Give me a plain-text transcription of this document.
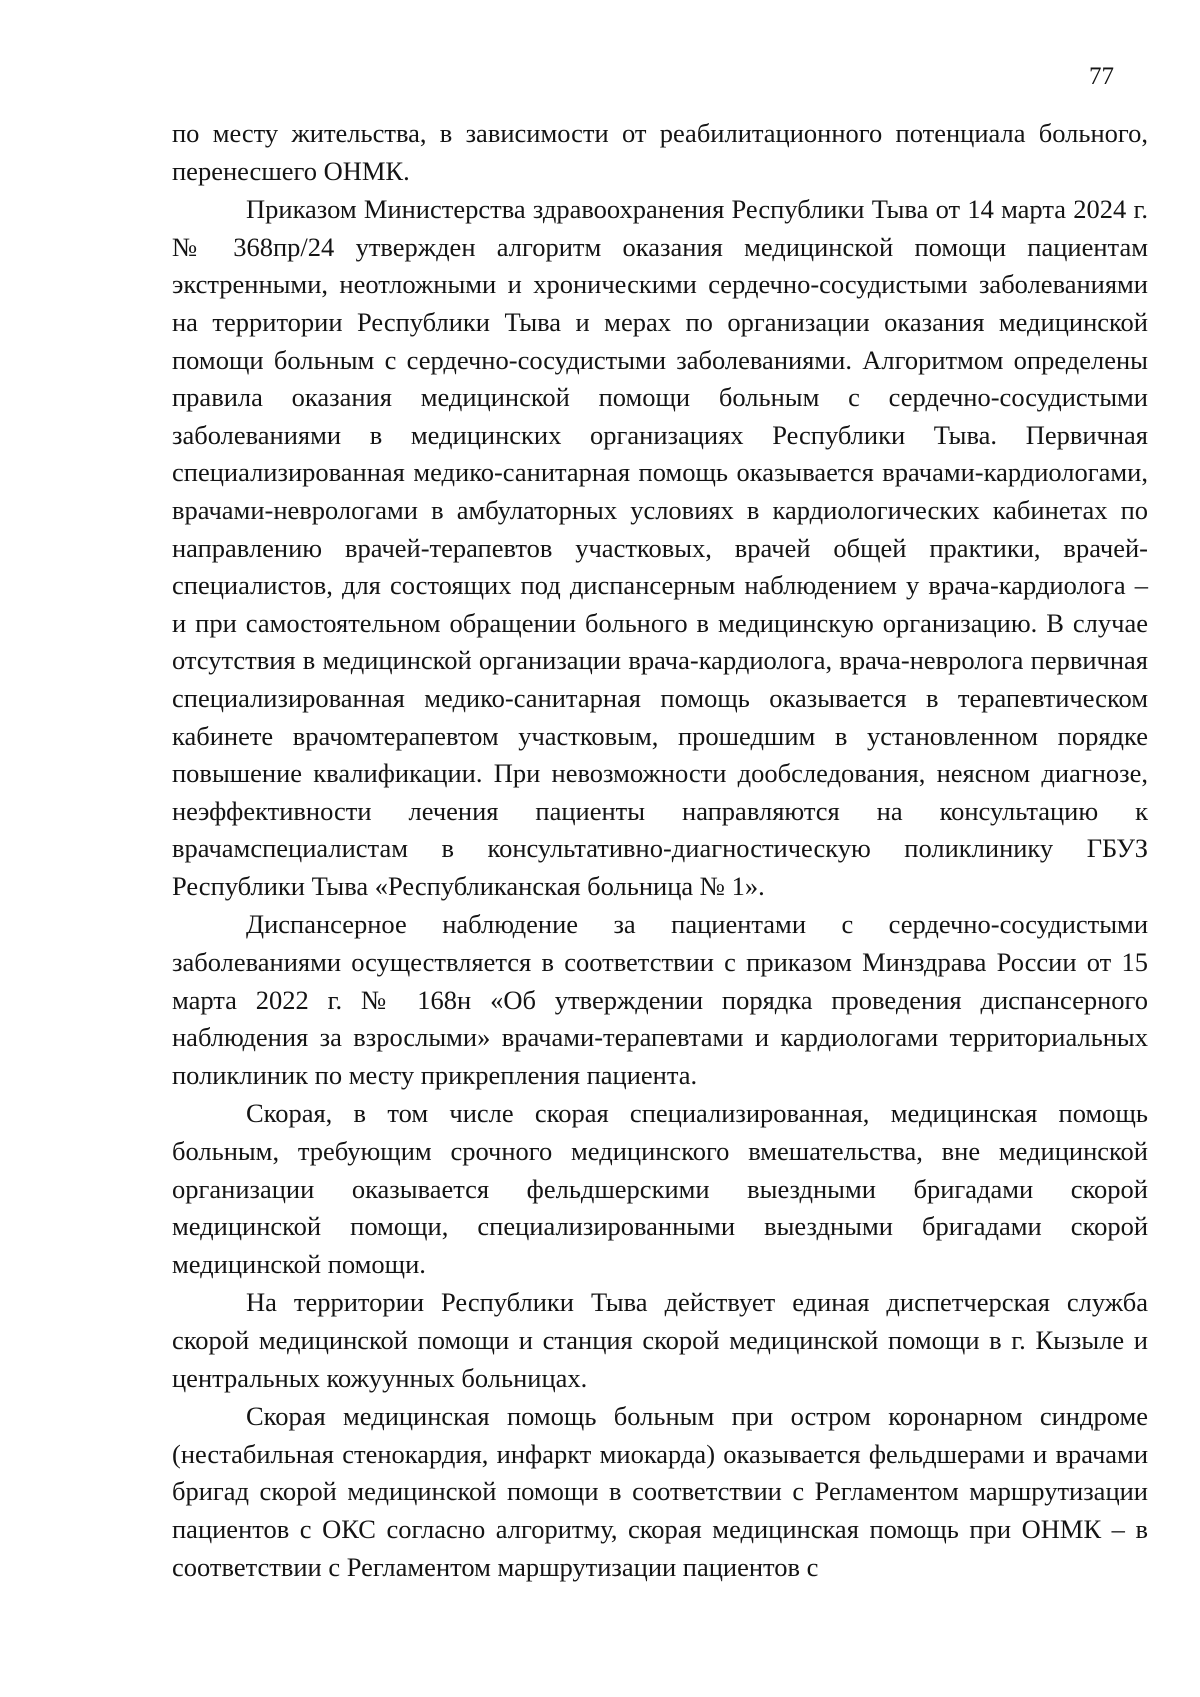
77

по месту жительства, в зависимости от реабилитационного потенциала больного, перенесшего ОНМК.

Приказом Министерства здравоохранения Республики Тыва от 14 марта 2024 г. № 368пр/24 утвержден алгоритм оказания медицинской помощи пациентам экстренными, неотложными и хроническими сердечно-сосудистыми заболеваниями на территории Республики Тыва и мерах по организации оказания медицинской помощи больным с сердечно-сосудистыми заболеваниями. Алгоритмом определены правила оказания медицинской помощи больным с сердечно-сосудистыми заболеваниями в медицинских организациях Республики Тыва. Первичная специализированная медико-санитарная помощь оказывается врачами-кардиологами, врачами-неврологами в амбулаторных условиях в кардиологических кабинетах по направлению врачей-терапевтов участковых, врачей общей практики, врачей-специалистов, для состоящих под диспансерным наблюдением у врача-кардиолога – и при самостоятельном обращении больного в медицинскую организацию. В случае отсутствия в медицинской организации врача-кардиолога, врача-невролога первичная специализированная медико-санитарная помощь оказывается в терапевтическом кабинете врачомтерапевтом участковым, прошедшим в установленном порядке повышение квалификации. При невозможности дообследования, неясном диагнозе, неэффективности лечения пациенты направляются на консультацию к врачамспециалистам в консультативно-диагностическую поликлинику ГБУЗ Республики Тыва «Республиканская больница № 1».

Диспансерное наблюдение за пациентами с сердечно-сосудистыми заболеваниями осуществляется в соответствии с приказом Минздрава России от 15 марта 2022 г. № 168н «Об утверждении порядка проведения диспансерного наблюдения за взрослыми» врачами-терапевтами и кардиологами территориальных поликлиник по месту прикрепления пациента.

Скорая, в том числе скорая специализированная, медицинская помощь больным, требующим срочного медицинского вмешательства, вне медицинской организации оказывается фельдшерскими выездными бригадами скорой медицинской помощи, специализированными выездными бригадами скорой медицинской помощи.

На территории Республики Тыва действует единая диспетчерская служба скорой медицинской помощи и станция скорой медицинской помощи в г. Кызыле и центральных кожуунных больницах.

Скорая медицинская помощь больным при остром коронарном синдроме (нестабильная стенокардия, инфаркт миокарда) оказывается фельдшерами и врачами бригад скорой медицинской помощи в соответствии с Регламентом маршрутизации пациентов с ОКС согласно алгоритму, скорая медицинская помощь при ОНМК – в соответствии с Регламентом маршрутизации пациентов с
